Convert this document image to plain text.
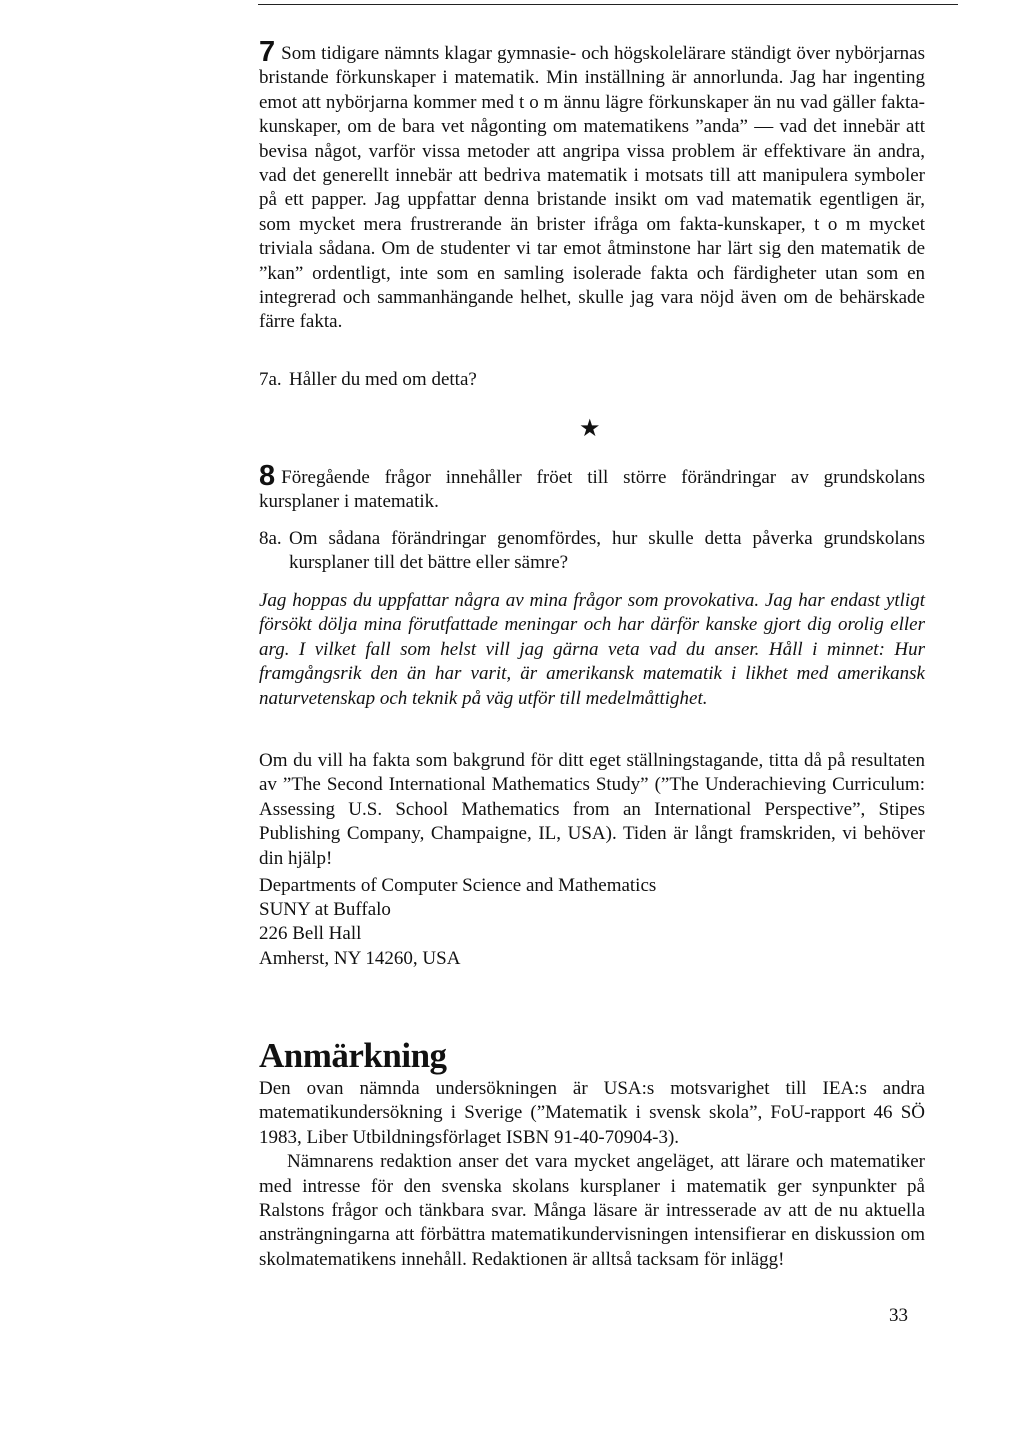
7 Som tidigare nämnts klagar gymnasie- och högskolelärare ständigt över nybörjarnas bristande förkunskaper i matematik. Min inställning är annorlunda. Jag har ingenting emot att nybörjarna kommer med t o m ännu lägre förkunskaper än nu vad gäller fakta-kunskaper, om de bara vet någonting om matematikens ”anda” — vad det innebär att bevisa något, varför vissa metoder att angripa vissa problem är effektivare än andra, vad det generellt innebär att bedriva matematik i motsats till att manipulera symboler på ett papper. Jag uppfattar denna bristande insikt om vad matematik egentligen är, som mycket mera frustrerande än brister ifråga om fakta-kunskaper, t o m mycket triviala sådana. Om de studenter vi tar emot åtminstone har lärt sig den matematik de ”kan” ordentligt, inte som en samling isolerade fakta och färdigheter utan som en integrerad och sammanhängande helhet, skulle jag vara nöjd även om de behärskade färre fakta.

7a. Håller du med om detta?
★

8 Föregående frågor innehåller fröet till större förändringar av grundskolans kursplaner i matematik.

8a. Om sådana förändringar genomfördes, hur skulle detta påverka grundskolans kursplaner till det bättre eller sämre?

Jag hoppas du uppfattar några av mina frågor som provokativa. Jag har endast ytligt försökt dölja mina förutfattade meningar och har därför kanske gjort dig orolig eller arg. I vilket fall som helst vill jag gärna veta vad du anser. Håll i minnet: Hur framgångsrik den än har varit, är amerikansk matematik i likhet med amerikansk naturvetenskap och teknik på väg utför till medelmåttighet.

Om du vill ha fakta som bakgrund för ditt eget ställningstagande, titta då på resultaten av ”The Second International Mathematics Study” (”The Underachieving Curriculum: Assessing U.S. School Mathematics from an International Perspective”, Stipes Publishing Company, Champaigne, IL, USA). Tiden är långt framskriden, vi behöver din hjälp!

Departments of Computer Science and Mathematics

SUNY at Buffalo

226 Bell Hall

Amherst, NY 14260, USA

Anmärkning

Den ovan nämnda undersökningen är USA:s motsvarighet till IEA:s andra matematikundersökning i Sverige (”Matematik i svensk skola”, FoU-rapport 46 SÖ 1983, Liber Utbildningsförlaget ISBN 91-40-70904-3).

Nämnarens redaktion anser det vara mycket angeläget, att lärare och matematiker med intresse för den svenska skolans kursplaner i matematik ger synpunkter på Ralstons frågor och tänkbara svar. Många läsare är intresserade av att de nu aktuella ansträngningarna att förbättra matematikundervisningen intensifierar en diskussion om skolmatematikens innehåll. Redaktionen är alltså tacksam för inlägg!

33
